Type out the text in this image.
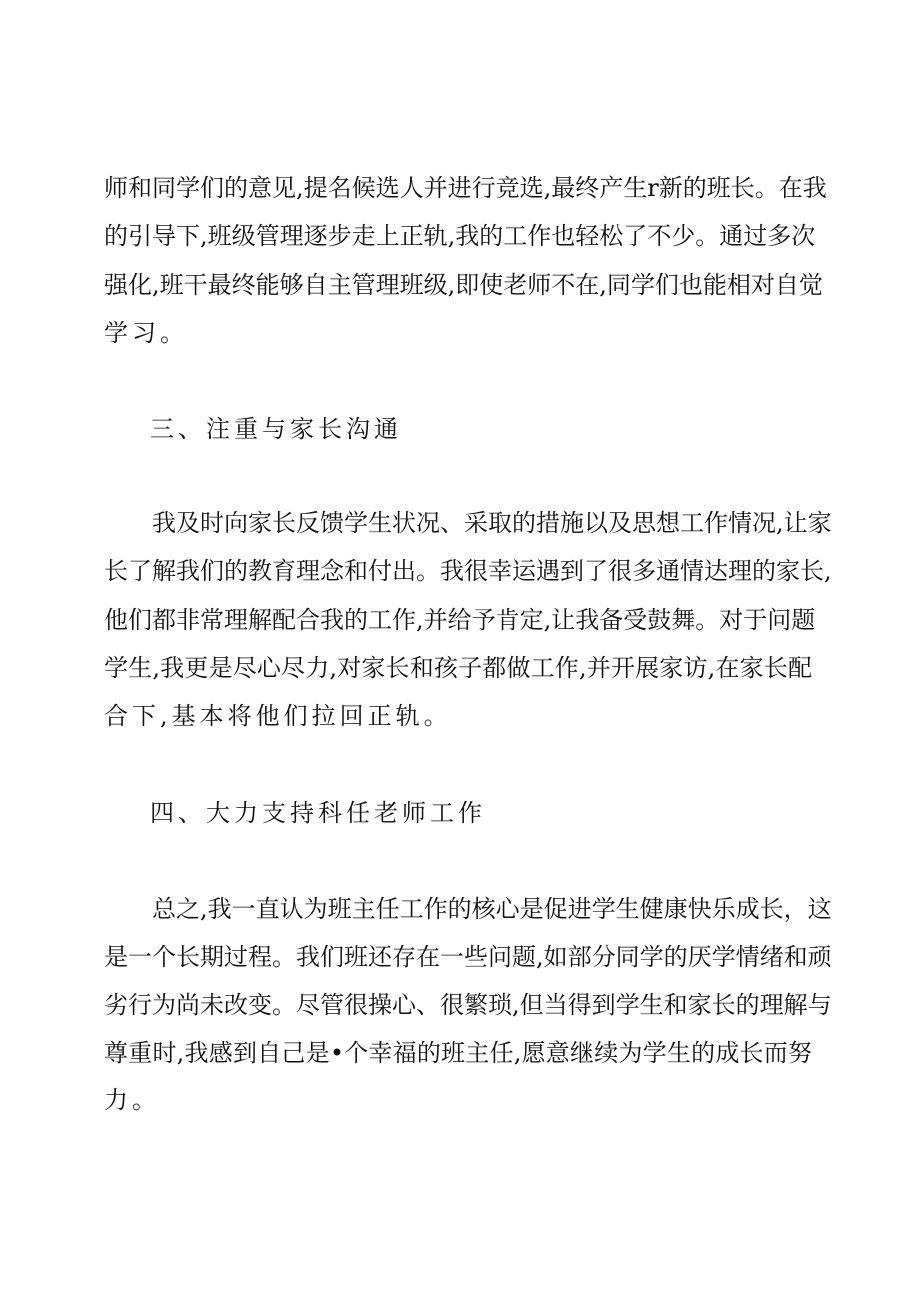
师和同学们的意见,提名候选人并进行竞选,最终产生r新的班长。在我
的引导下,班级管理逐步走上正轨,我的工作也轻松了不少。通过多次
强化,班干最终能够自主管理班级,即使老师不在,同学们也能相对自觉
学习。
三、注重与家长沟通
我及时向家长反馈学生状况、采取的措施以及思想工作情况,让家
长了解我们的教育理念和付出。我很幸运遇到了很多通情达理的家长,
他们都非常理解配合我的工作,并给予肯定,让我备受鼓舞。对于问题
学生,我更是尽心尽力,对家长和孩子都做工作,并开展家访,在家长配
合下,基本将他们拉回正轨。
四、大力支持科任老师工作
总之,我一直认为班主任工作的核心是促进学生健康快乐成长，这
是一个长期过程。我们班还存在一些问题,如部分同学的厌学情绪和顽
劣行为尚未改变。尽管很操心、很繁琐,但当得到学生和家长的理解与
尊重时,我感到自己是•个幸福的班主任,愿意继续为学生的成长而努
力。
